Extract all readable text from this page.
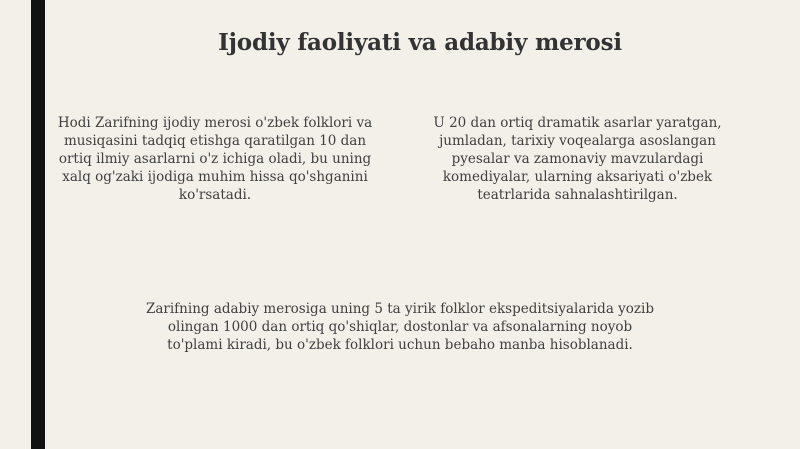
Ijodiy faoliyati va adabiy merosi

Hodi Zarifning ijodiy merosi o'zbek folklori va musiqasini tadqiq etishga qaratilgan 10 dan ortiq ilmiy asarlarni o'z ichiga oladi, bu uning xalq og'zaki ijodiga muhim hissa qo'shganini ko'rsatadi.

U 20 dan ortiq dramatik asarlar yaratgan, jumladan, tarixiy voqealarga asoslangan pyesalar va zamonaviy mavzulardagi komediyalar, ularning aksariyati o'zbek teatrlarida sahnalashtirilgan.

Zarifning adabiy merosiga uning 5 ta yirik folklor ekspeditsiyalarida yozib olingan 1000 dan ortiq qo'shiqlar, dostonlar va afsonalarning noyob to'plami kiradi, bu o'zbek folklori uchun bebaho manba hisoblanadi.
